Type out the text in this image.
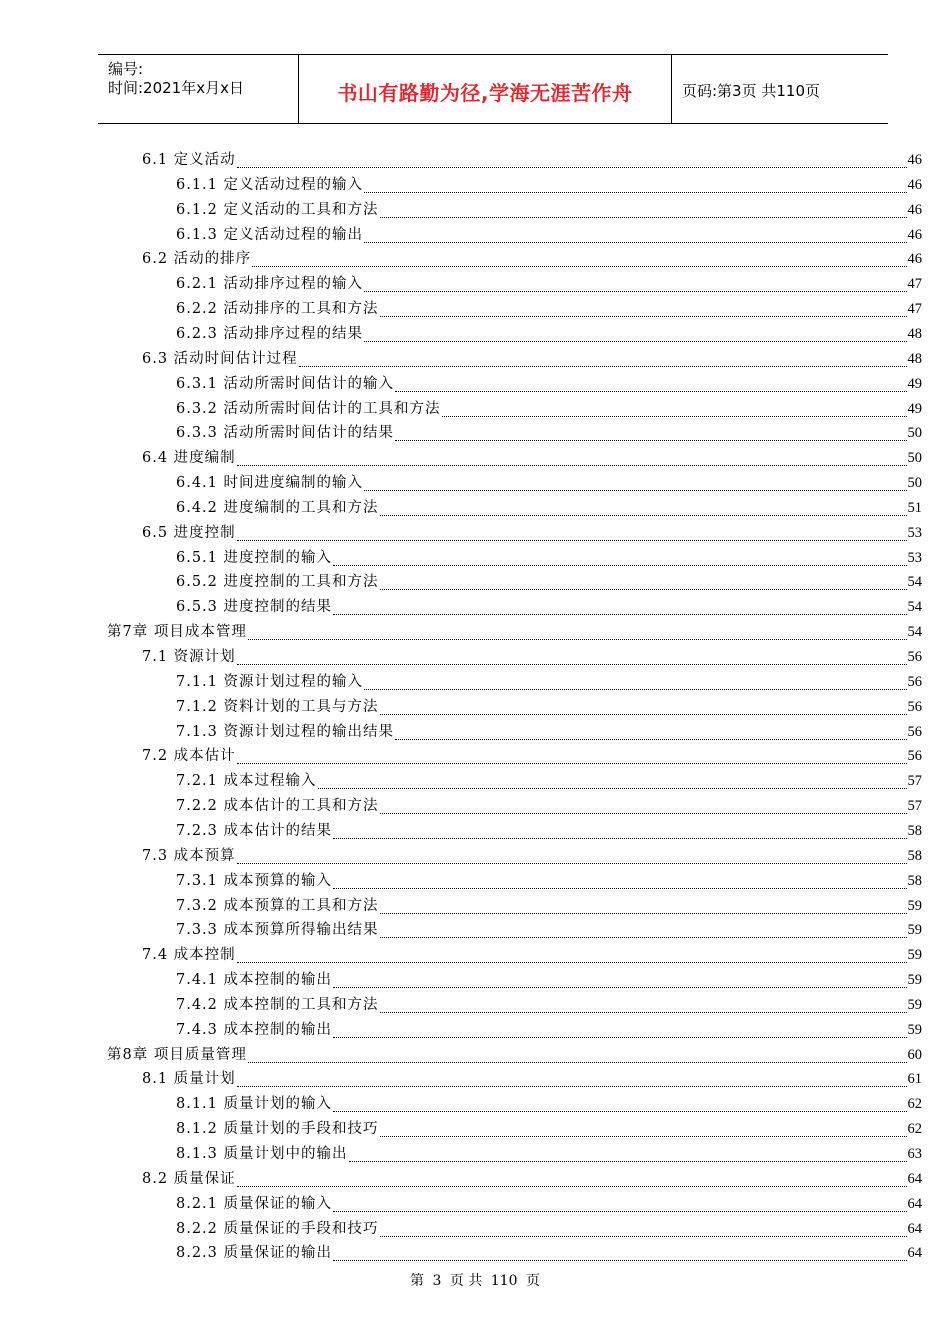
编号:
时间:2021年x月x日	书山有路勤为径,学海无涯苦作舟	页码:第3页 共110页
6.1 定义活动	46
6.1.1 定义活动过程的输入	46
6.1.2 定义活动的工具和方法	46
6.1.3 定义活动过程的输出	46
6.2 活动的排序	46
6.2.1 活动排序过程的输入	47
6.2.2 活动排序的工具和方法	47
6.2.3 活动排序过程的结果	48
6.3 活动时间估计过程	48
6.3.1 活动所需时间估计的输入	49
6.3.2 活动所需时间估计的工具和方法	49
6.3.3 活动所需时间估计的结果	50
6.4 进度编制	50
6.4.1 时间进度编制的输入	50
6.4.2 进度编制的工具和方法	51
6.5 进度控制	53
6.5.1 进度控制的输入	53
6.5.2 进度控制的工具和方法	54
6.5.3 进度控制的结果	54
第7章 项目成本管理	54
7.1 资源计划	56
7.1.1 资源计划过程的输入	56
7.1.2 资料计划的工具与方法	56
7.1.3 资源计划过程的输出结果	56
7.2 成本估计	56
7.2.1 成本过程输入	57
7.2.2 成本估计的工具和方法	57
7.2.3 成本估计的结果	58
7.3 成本预算	58
7.3.1 成本预算的输入	58
7.3.2 成本预算的工具和方法	59
7.3.3 成本预算所得输出结果	59
7.4 成本控制	59
7.4.1 成本控制的输出	59
7.4.2 成本控制的工具和方法	59
7.4.3 成本控制的输出	59
第8章 项目质量管理	60
8.1 质量计划	61
8.1.1 质量计划的输入	62
8.1.2 质量计划的手段和技巧	62
8.1.3 质量计划中的输出	63
8.2 质量保证	64
8.2.1 质量保证的输入	64
8.2.2 质量保证的手段和技巧	64
8.2.3 质量保证的输出	64
第 3 页 共 110 页
